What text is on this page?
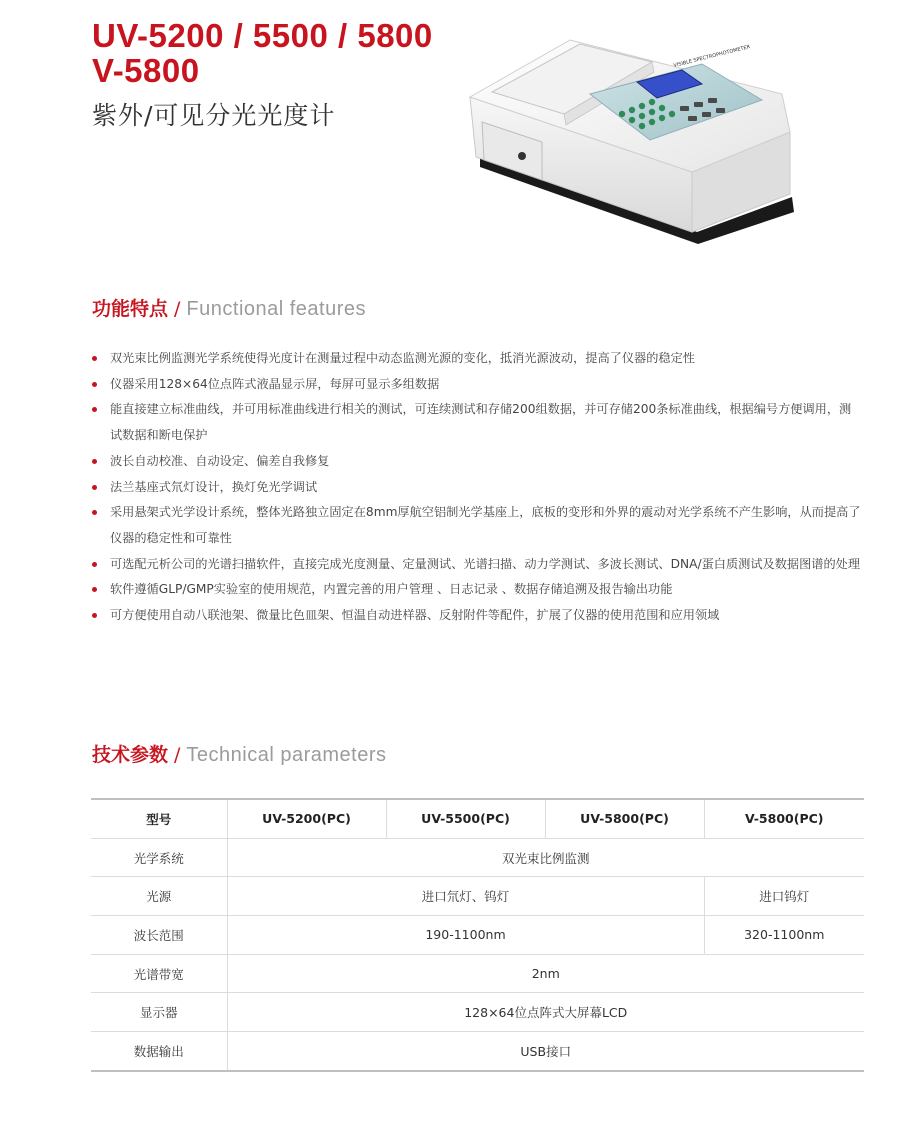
UV-5200 / 5500 / 5800
V-5800
紫外/可见分光光度计
VISIBLE SPECTROPHOTOMETER
功能特点 / Functional features
双光束比例监测光学系统使得光度计在测量过程中动态监测光源的变化，抵消光源波动，提高了仪器的稳定性
仪器采用128×64位点阵式液晶显示屏，每屏可显示多组数据
能直接建立标准曲线，并可用标准曲线进行相关的测试，可连续测试和存储200组数据，并可存储200条标准曲线，根据编号方便调用，测试数据和断电保护
波长自动校准、自动设定、偏差自我修复
法兰基座式氘灯设计，换灯免光学调试
采用悬架式光学设计系统，整体光路独立固定在8mm厚航空铝制光学基座上，底板的变形和外界的震动对光学系统不产生影响，从而提高了仪器的稳定性和可靠性
可选配元析公司的光谱扫描软件，直接完成光度测量、定量测试、光谱扫描、动力学测试、多波长测试、DNA/蛋白质测试及数据图谱的处理
软件遵循GLP/GMP实验室的使用规范，内置完善的用户管理 、日志记录 、数据存储追溯及报告输出功能
可方便使用自动八联池架、微量比色皿架、恒温自动进样器、反射附件等配件，扩展了仪器的使用范围和应用领域
技术参数 / Technical parameters
型号	UV-5200(PC)	UV-5500(PC)	UV-5800(PC)	V-5800(PC)
光学系统	双光束比例监测			
光源	进口氘灯、钨灯			进口钨灯
波长范围	190-1100nm			320-1100nm
光谱带宽	2nm			
显示器	128×64位点阵式大屏幕LCD			
数据输出	USB接口			
